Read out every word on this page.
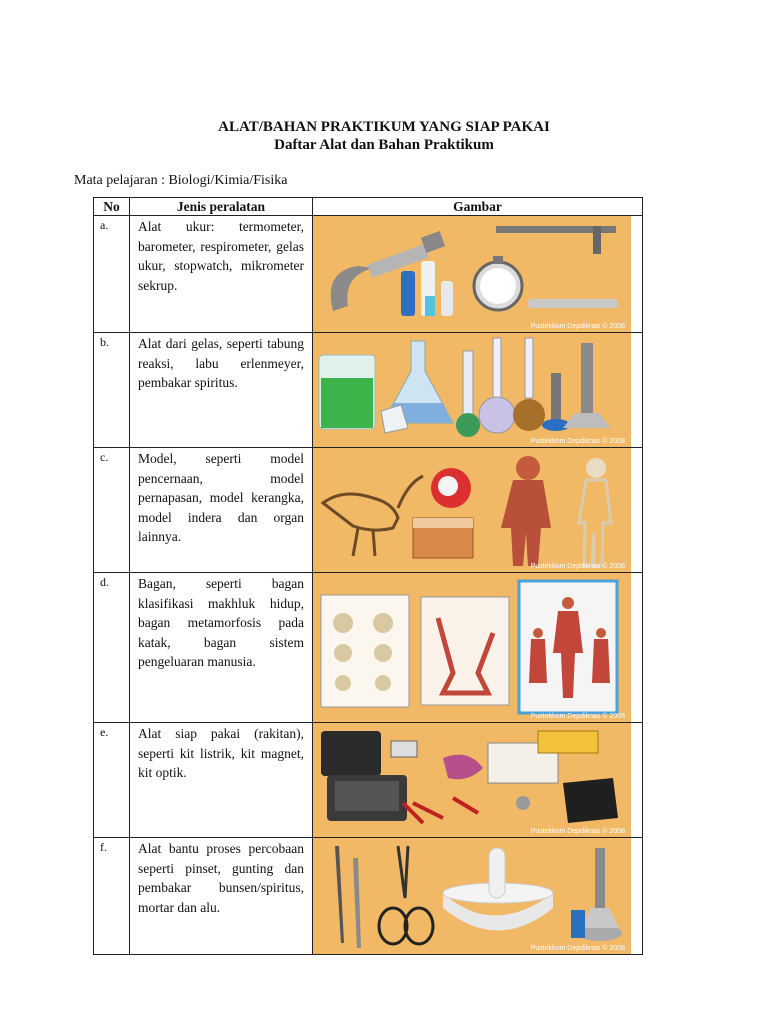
ALAT/BAHAN PRAKTIKUM YANG SIAP PAKAI
Daftar Alat dan Bahan Praktikum
Mata pelajaran : Biologi/Kimia/Fisika
No	Jenis peralatan	Gambar
a.	Alat ukur: termometer, barometer, respirometer, gelas ukur, stopwatch, mikrometer sekrup.	Pustekkom Depdiknas © 2008

b.	Alat dari gelas, seperti tabung reaksi, labu erlenmeyer, pembakar spiritus.	Pustekkom Depdiknas © 2008

c.	Model, seperti model pencernaan, model pernapasan, model kerangka, model indera dan organ lainnya.	Pustekkom Depdiknas © 2008

d.	Bagan, seperti bagan klasifikasi makhluk hidup, bagan metamorfosis pada katak, bagan sistem pengeluaran manusia.	Pustekkom Depdiknas © 2008

e.	Alat siap pakai (rakitan), seperti kit listrik, kit magnet, kit optik.	Pustekkom Depdiknas © 2008

f.	Alat bantu proses percobaan seperti pinset, gunting dan pembakar bunsen/spiritus, mortar dan alu.	Pustekkom Depdiknas © 2008
